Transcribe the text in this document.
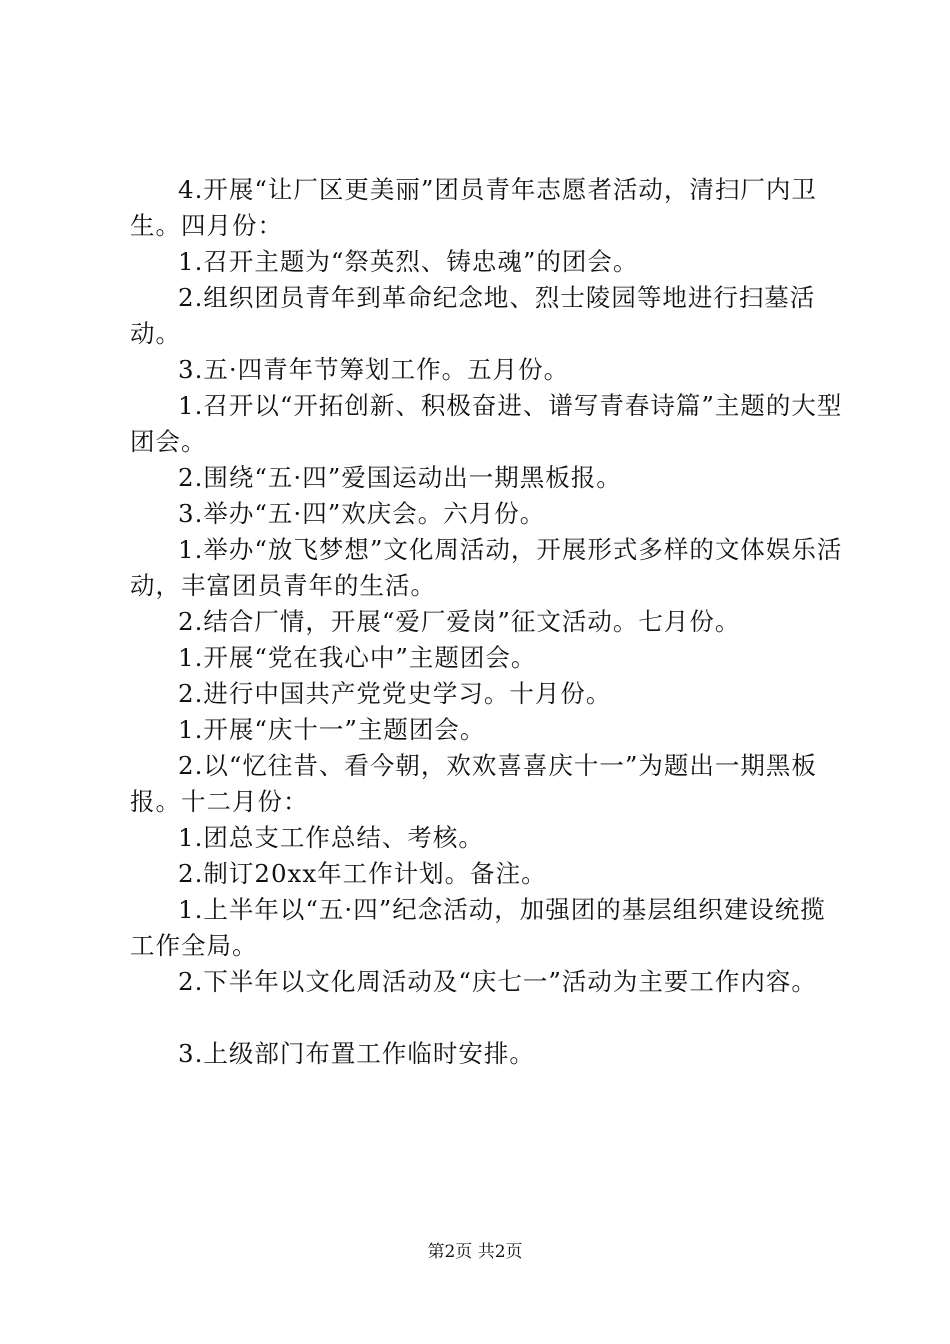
4.开展“让厂区更美丽”团员青年志愿者活动，清扫厂内卫生。四月份：

1.召开主题为“祭英烈、铸忠魂”的团会。

2.组织团员青年到革命纪念地、烈士陵园等地进行扫墓活动。

3.五·四青年节筹划工作。五月份。

1.召开以“开拓创新、积极奋进、谱写青春诗篇”主题的大型团会。

2.围绕“五·四”爱国运动出一期黑板报。

3.举办“五·四”欢庆会。六月份。

1.举办“放飞梦想”文化周活动，开展形式多样的文体娱乐活动，丰富团员青年的生活。

2.结合厂情，开展“爱厂爱岗”征文活动。七月份。

1.开展“党在我心中”主题团会。

2.进行中国共产党党史学习。十月份。

1.开展“庆十一”主题团会。

2.以“忆往昔、看今朝，欢欢喜喜庆十一”为题出一期黑板报。十二月份：

1.团总支工作总结、考核。

2.制订20xx年工作计划。备注。

1.上半年以“五·四”纪念活动，加强团的基层组织建设统揽工作全局。

2.下半年以文化周活动及“庆七一”活动为主要工作内容。

3.上级部门布置工作临时安排。

第2页 共2页
